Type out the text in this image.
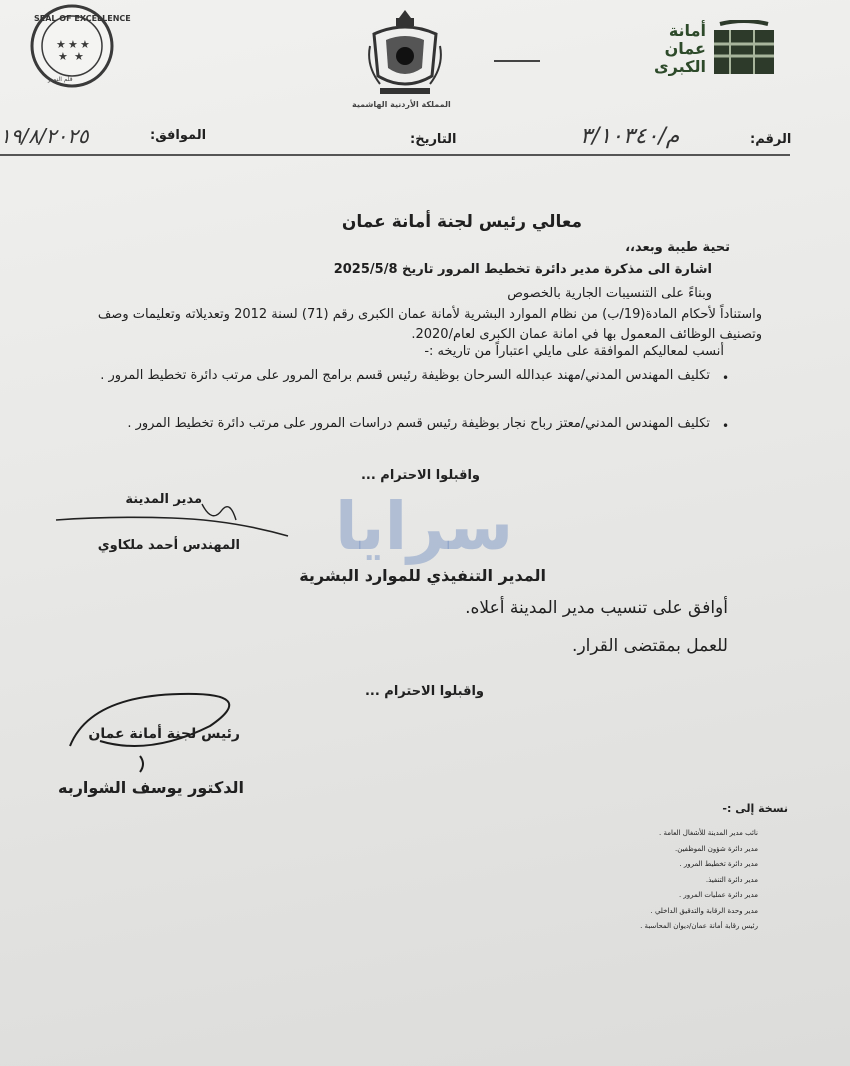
★ ★ ★
★ ★
SEAL OF EXCELLENCE
قلم النميز
المملكة الأردنية الهاشمية
أمانة
عمان
الكبرى
الرقم:
م/٣/١٠٣٤٠
التاريخ:
الموافق:
١٩/٨/٢٠٢٥
معالي رئيس لجنة أمانة عمان
تحية طيبة وبعد،،
اشارة الى مذكرة مدير دائرة تخطيط المرور تاريخ 2025/5/8
وبناءً على التنسيبات الجارية بالخصوص
واستناداً لأحكام المادة(19/ب) من نظام الموارد البشرية لأمانة عمان الكبرى رقم (71) لسنة 2012 وتعديلاته وتعليمات وصف وتصنيف الوظائف المعمول بها في امانة عمان الكبرى لعام/2020.
أنسب لمعاليكم الموافقة على مايلي اعتباراً من تاريخه :-
•
تكليف المهندس المدني/مهند عبدالله السرحان بوظيفة رئيس قسم برامج المرور على مرتب دائرة تخطيط المرور .
•
تكليف المهندس المدني/معتز رباح نجار بوظيفة رئيس قسم دراسات المرور على مرتب دائرة تخطيط المرور .
واقبلوا الاحترام ...
مدير المدينة
المهندس أحمد ملكاوي
المدير التنفيذي للموارد البشرية
سرايا
أوافق على تنسيب مدير المدينة أعلاه.
للعمل بمقتضى القرار.
واقبلوا الاحترام ...
رئيس لجنة أمانة عمان
الدكتور يوسف الشواربه
نسخة إلى :-
نائب مدير المدينة للأشغال العامة .
مدير دائرة شؤون الموظفين.
مدير دائرة تخطيط المرور .
مدير دائرة التنفيذ.
مدير دائرة عمليات المرور .
مدير وحدة الرقابة والتدقيق الداخلي .
رئيس رقابة أمانة عمان/ديوان المحاسبة .
